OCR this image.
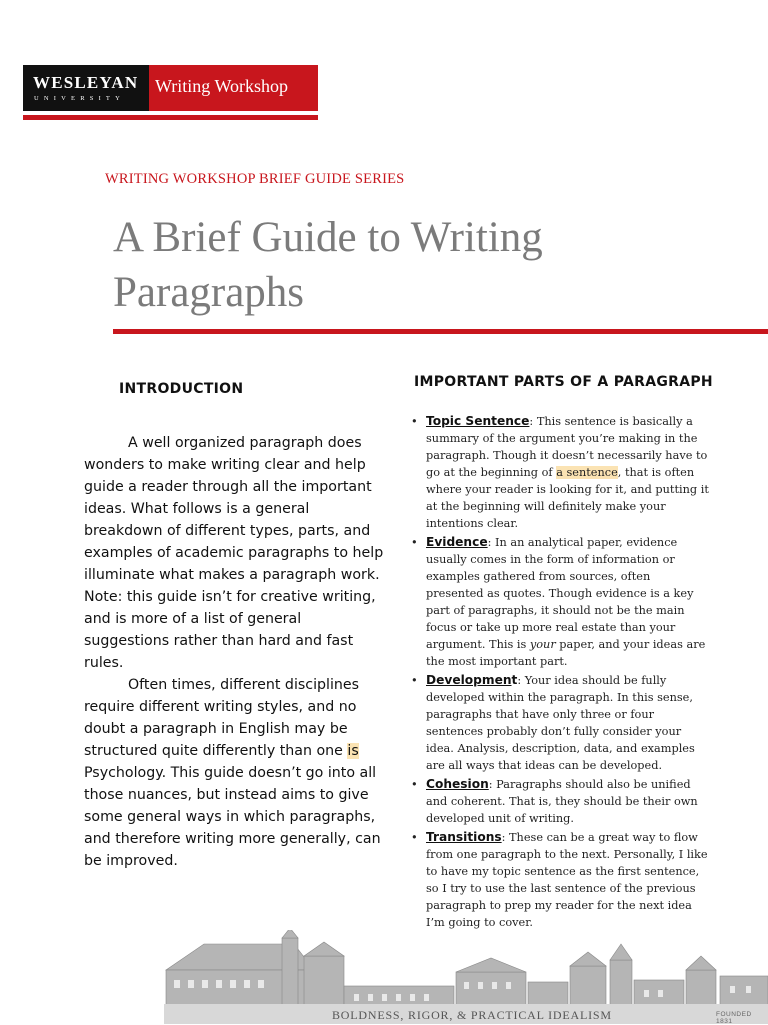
WESLEYAN
UNIVERSITY
Writing Workshop
WRITING WORKSHOP BRIEF GUIDE SERIES
A Brief Guide to Writing
Paragraphs
INTRODUCTION

A well organized paragraph does wonders to make writing clear and help guide a reader through all the important ideas. What follows is a general breakdown of different types, parts, and examples of academic paragraphs to help illuminate what makes a paragraph work. Note: this guide isn’t for creative writing, and is more of a list of general suggestions rather than hard and fast rules.

Often times, different disciplines require different writing styles, and no doubt a paragraph in English may be structured quite differently than one is Psychology. This guide doesn’t go into all those nuances, but instead aims to give some general ways in which paragraphs, and therefore writing more generally, can be improved.

IMPORTANT PARTS OF A PARAGRAPH
• Topic Sentence: This sentence is basically a summary of the argument you’re making in the paragraph. Though it doesn’t necessarily have to go at the beginning of a sentence, that is often where your reader is looking for it, and putting it at the beginning will definitely make your intentions clear.
• Evidence: In an analytical paper, evidence usually comes in the form of information or examples gathered from sources, often presented as quotes. Though evidence is a key part of paragraphs, it should not be the main focus or take up more real estate than your argument. This is your paper, and your ideas are the most important part.
• Development: Your idea should be fully developed within the paragraph. In this sense, paragraphs that have only three or four sentences probably don’t fully consider your idea. Analysis, description, data, and examples are all ways that ideas can be developed.
• Cohesion: Paragraphs should also be unified and coherent. That is, they should be their own developed unit of writing.
• Transitions: These can be a great way to flow from one paragraph to the next. Personally, I like to have my topic sentence as the first sentence, so I try to use the last sentence of the previous paragraph to prep my reader for the next idea I’m going to cover.
BOLDNESS, RIGOR, & PRACTICAL IDEALISM	FOUNDED 1831
